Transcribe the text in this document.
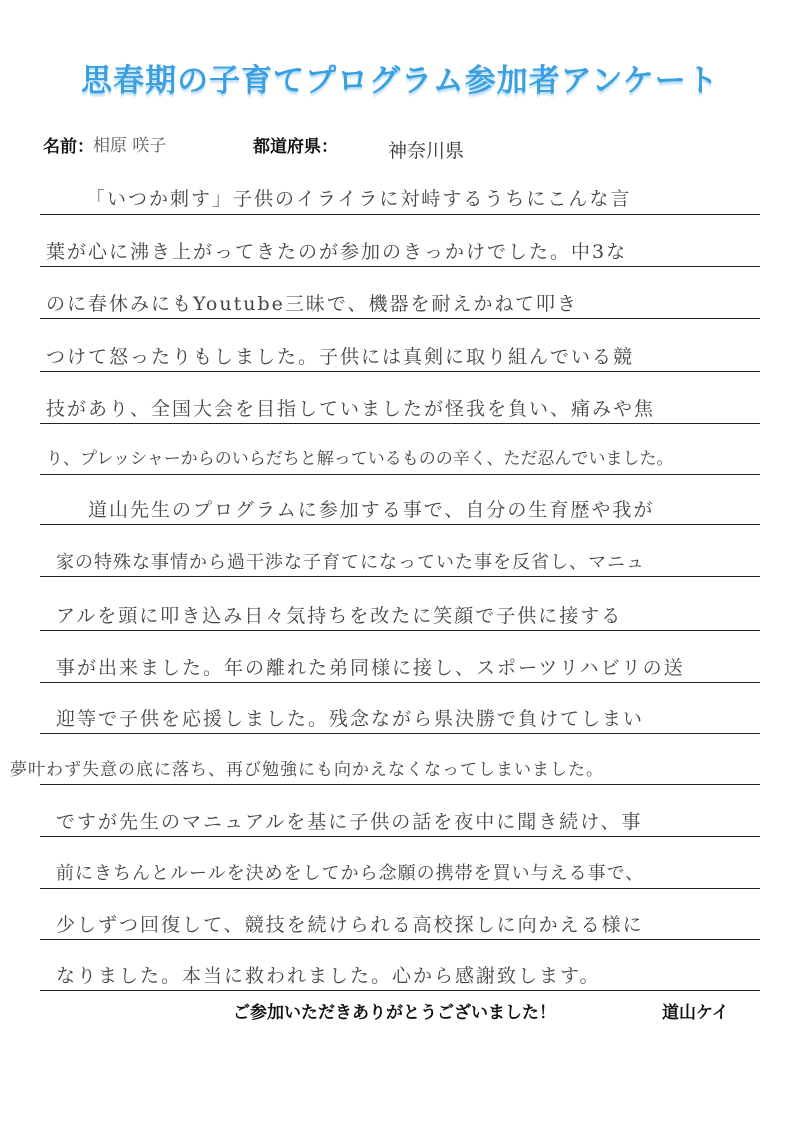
思春期の子育てプログラム参加者アンケート
名前： 相原 咲子	都道府県：	神奈川県
「いつか刺す」子供のイライラに対峙するうちにこんな言
葉が心に沸き上がってきたのが参加のきっかけでした。中3な
のに春休みにもYoutube三昧で、機器を耐えかねて叩き
つけて怒ったりもしました。子供には真剣に取り組んでいる競
技があり、全国大会を目指していましたが怪我を負い、痛みや焦
り、プレッシャーからのいらだちと解っているものの辛く、ただ忍んでいました。
道山先生のプログラムに参加する事で、自分の生育歴や我が
家の特殊な事情から過干渉な子育てになっていた事を反省し、マニュ
アルを頭に叩き込み日々気持ちを改たに笑顔で子供に接する
事が出来ました。年の離れた弟同様に接し、スポーツリハビリの送
迎等で子供を応援しました。残念ながら県決勝で負けてしまい
夢叶わず失意の底に落ち、再び勉強にも向かえなくなってしまいました。
ですが先生のマニュアルを基に子供の話を夜中に聞き続け、事
前にきちんとルールを決めをしてから念願の携帯を買い与える事で、
少しずつ回復して、競技を続けられる高校探しに向かえる様に
なりました。本当に救われました。心から感謝致します。
ご参加いただきありがとうございました！	道山ケイ
